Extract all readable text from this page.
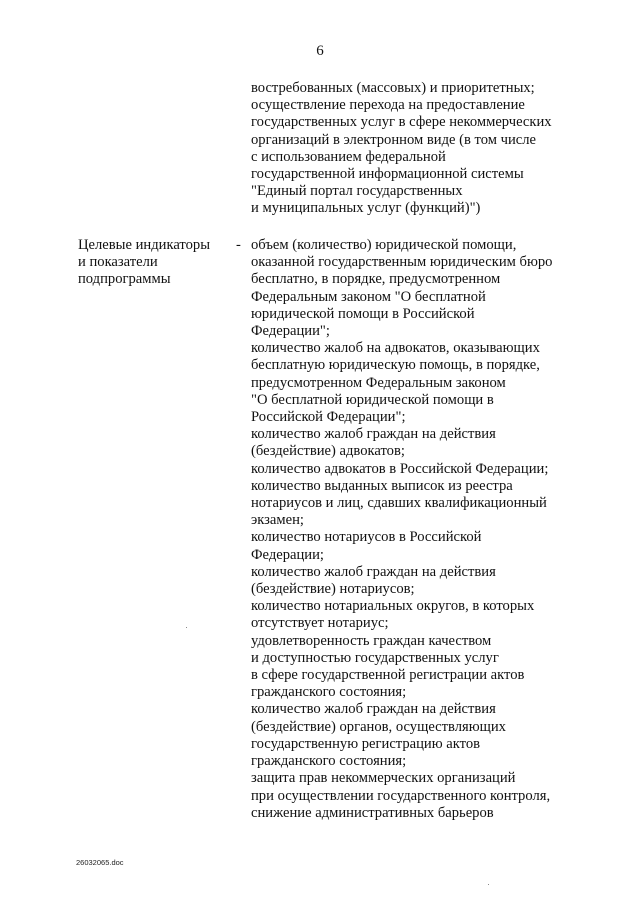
6
востребованных (массовых) и приоритетных;
осуществление перехода на предоставление
государственных услуг в сфере некоммерческих
организаций в электронном виде (в том числе
с использованием федеральной
государственной информационной системы
"Единый портал государственных
и муниципальных услуг (функций)")
Целевые индикаторы
и показатели
подпрограммы
- объем (количество) юридической помощи,
оказанной государственным юридическим бюро
бесплатно, в порядке, предусмотренном
Федеральным законом "О бесплатной
юридической помощи в Российской
Федерации";
количество жалоб на адвокатов, оказывающих
бесплатную юридическую помощь, в порядке,
предусмотренном Федеральным законом
"О бесплатной юридической помощи в
Российской Федерации";
количество жалоб граждан на действия
(бездействие) адвокатов;
количество адвокатов в Российской Федерации;
количество выданных выписок из реестра
нотариусов и лиц, сдавших квалификационный
экзамен;
количество нотариусов в Российской
Федерации;
количество жалоб граждан на действия
(бездействие) нотариусов;
количество нотариальных округов, в которых
отсутствует нотариус;
удовлетворенность граждан качеством
и доступностью государственных услуг
в сфере государственной регистрации актов
гражданского состояния;
количество жалоб граждан на действия
(бездействие) органов, осуществляющих
государственную регистрацию актов
гражданского состояния;
защита прав некоммерческих организаций
при осуществлении государственного контроля,
снижение административных барьеров
26032065.doc
